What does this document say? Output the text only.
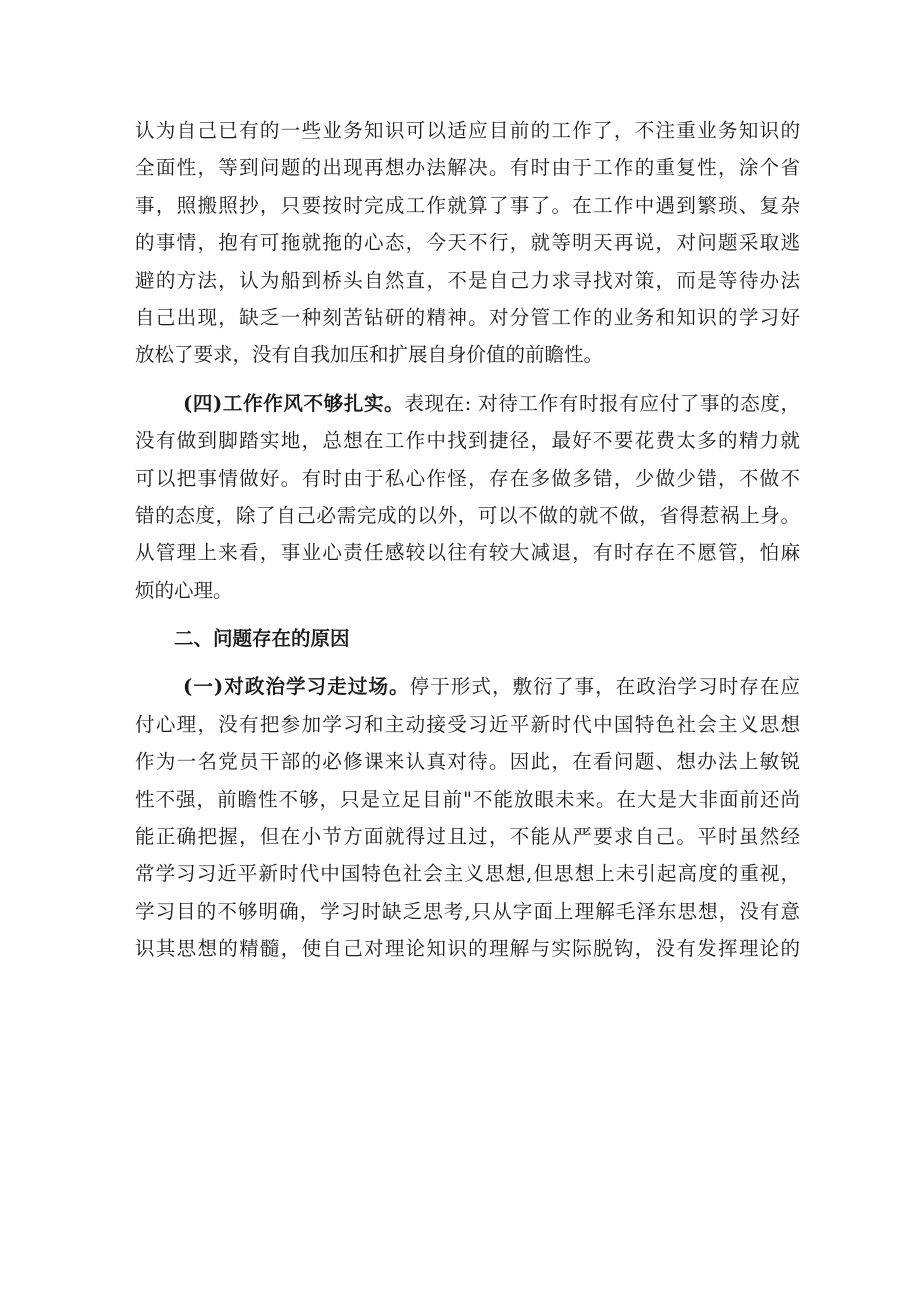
认为自己已有的一些业务知识可以适应目前的工作了，不注重业务知识的
全面性，等到问题的出现再想办法解决。有时由于工作的重复性，涂个省
事，照搬照抄，只要按时完成工作就算了事了。在工作中遇到繁琐、复杂
的事情，抱有可拖就拖的心态，今天不行，就等明天再说，对问题采取逃
避的方法，认为船到桥头自然直，不是自己力求寻找对策，而是等待办法
自己出现，缺乏一种刻苦钻研的精神。对分管工作的业务和知识的学习好
放松了要求，没有自我加压和扩展自身价值的前瞻性。
(四)工作作风不够扎实。表现在: 对待工作有时报有应付了事的态度，
没有做到脚踏实地，总想在工作中找到捷径，最好不要花费太多的精力就
可以把事情做好。有时由于私心作怪，存在多做多错，少做少错，不做不
错的态度，除了自己必需完成的以外，可以不做的就不做，省得惹祸上身。
从管理上来看，事业心责任感较以往有较大减退，有时存在不愿管，怕麻
烦的心理。
二、问题存在的原因
(一)对政治学习走过场。停于形式，敷衍了事，在政治学习时存在应
付心理，没有把参加学习和主动接受习近平新时代中国特色社会主义思想
作为一名党员干部的必修课来认真对待。因此，在看问题、想办法上敏锐
性不强，前瞻性不够，只是立足目前"不能放眼未来。在大是大非面前还尚
能正确把握，但在小节方面就得过且过，不能从严要求自己。平时虽然经
常学习习近平新时代中国特色社会主义思想,但思想上未引起高度的重视，
学习目的不够明确，学习时缺乏思考,只从字面上理解毛泽东思想，没有意
识其思想的精髓，使自己对理论知识的理解与实际脱钩，没有发挥理论的
